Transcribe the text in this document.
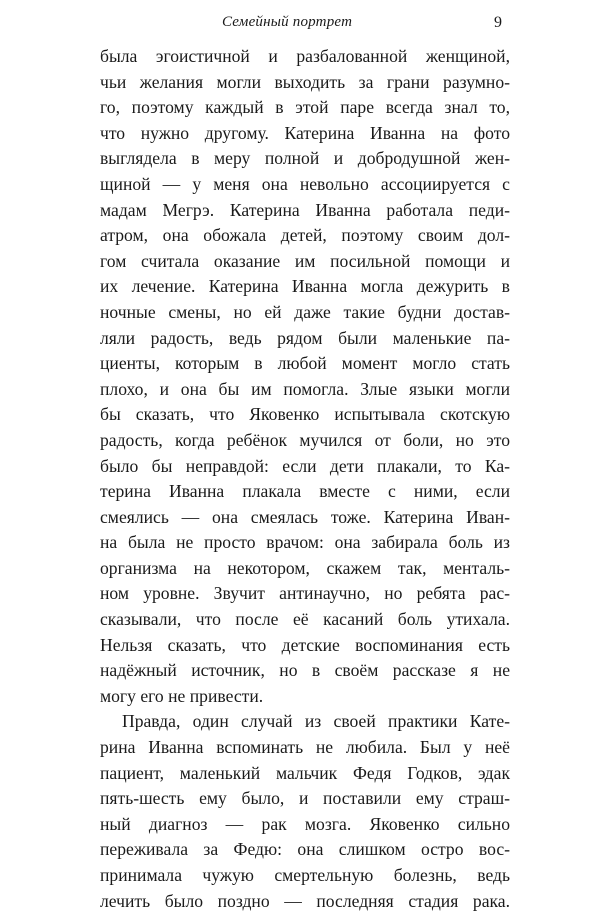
Семейный портрет	9
была эгоистичной и разбалованной женщиной,
чьи желания могли выходить за грани разумно-
го, поэтому каждый в этой паре всегда знал то,
что нужно другому. Катерина Иванна на фото
выглядела в меру полной и добродушной жен-
щиной — у меня она невольно ассоциируется с
мадам Мегрэ. Катерина Иванна работала педи-
атром, она обожала детей, поэтому своим дол-
гом считала оказание им посильной помощи и
их лечение. Катерина Иванна могла дежурить в
ночные смены, но ей даже такие будни достав-
ляли радость, ведь рядом были маленькие па-
циенты, которым в любой момент могло стать
плохо, и она бы им помогла. Злые языки могли
бы сказать, что Яковенко испытывала скотскую
радость, когда ребёнок мучился от боли, но это
было бы неправдой: если дети плакали, то Ка-
терина Иванна плакала вместе с ними, если
смеялись — она смеялась тоже. Катерина Иван-
на была не просто врачом: она забирала боль из
организма на некотором, скажем так, менталь-
ном уровне. Звучит антинаучно, но ребята рас-
сказывали, что после её касаний боль утихала.
Нельзя сказать, что детские воспоминания есть
надёжный источник, но в своём рассказе я не
могу его не привести.
Правда, один случай из своей практики Кате-
рина Иванна вспоминать не любила. Был у неё
пациент, маленький мальчик Федя Годков, эдак
пять-шесть ему было, и поставили ему страш-
ный диагноз — рак мозга. Яковенко сильно
переживала за Федю: она слишком остро вос-
принимала чужую смертельную болезнь, ведь
лечить было поздно — последняя стадия рака.
